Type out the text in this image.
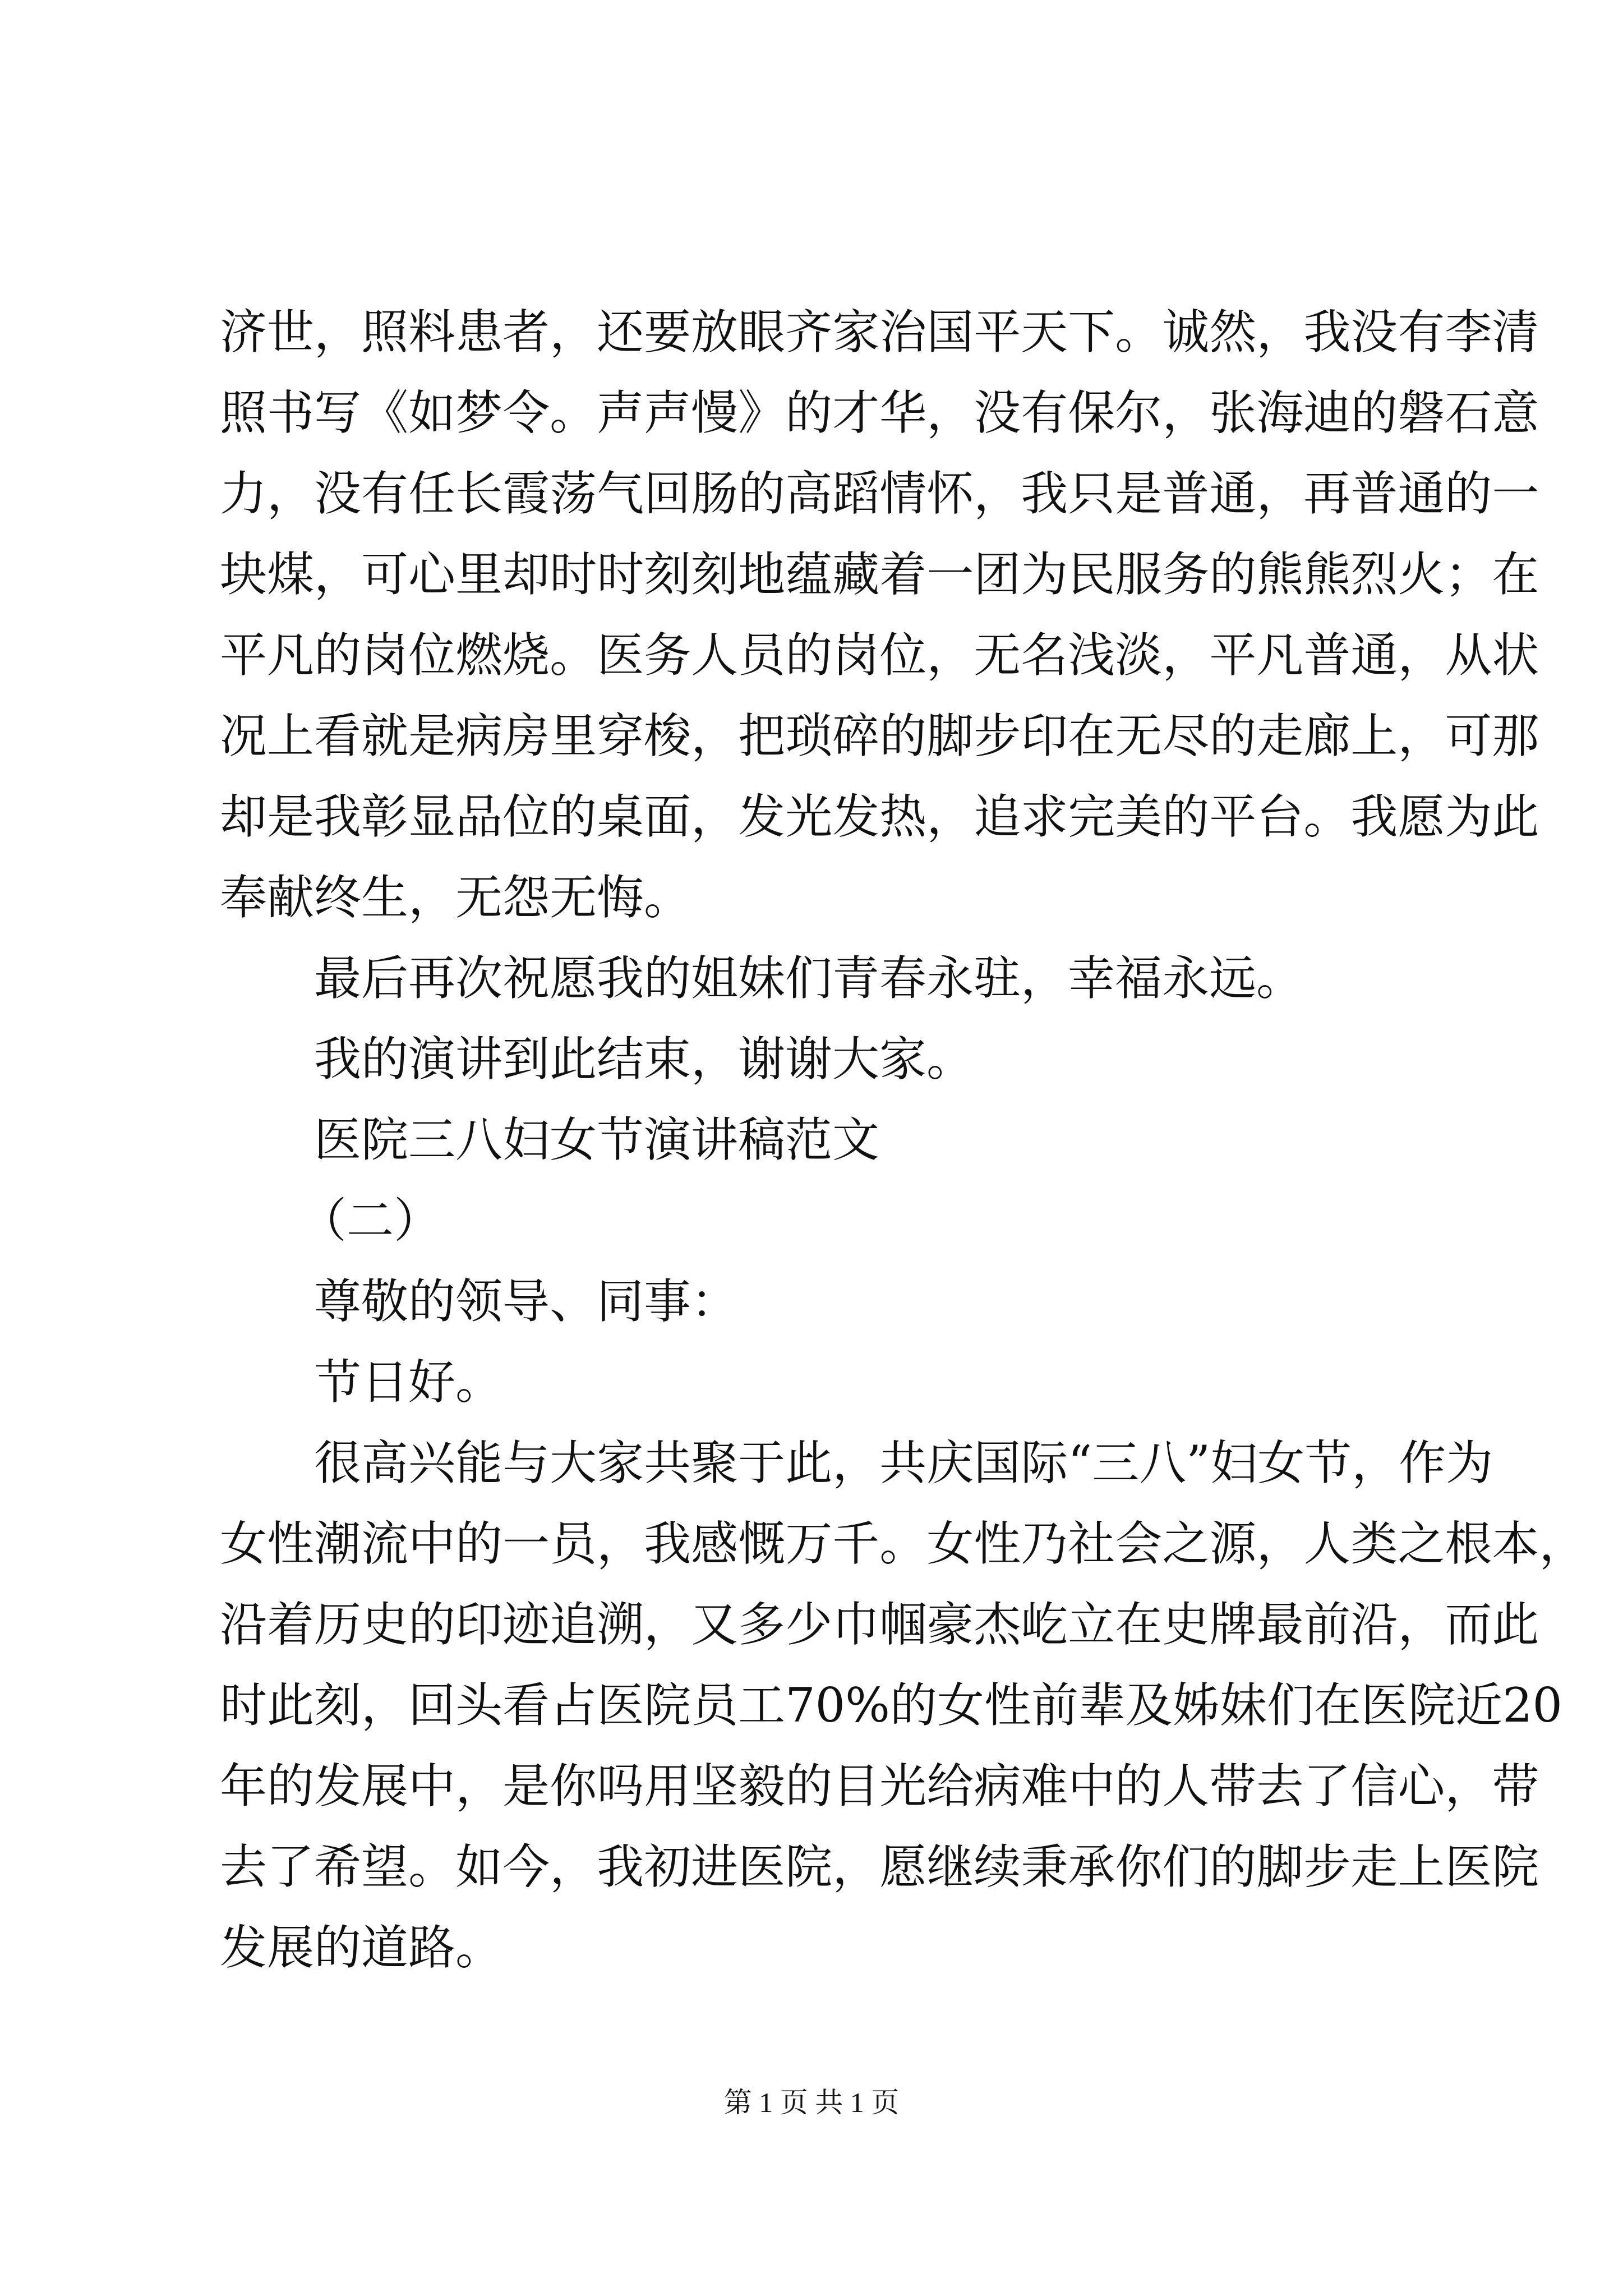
济 世 ， 照 料 患 者 ， 还 要 放 眼 齐 家 治 国 平 天 下 。 诚 然 ， 我 没 有 李 清
照 书 写 《 如 梦 令 。 声 声 慢 》 的 才 华 ， 没 有 保 尔 ， 张 海 迪 的 磐 石 意
力 ， 没 有 任 长 霞 荡 气 回 肠 的 高 蹈 情 怀 ， 我 只 是 普 通 ， 再 普 通 的 一
块 煤 ， 可 心 里 却 时 时 刻 刻 地 蕴 藏 着 一 团 为 民 服 务 的 熊 熊 烈 火 ； 在
平 凡 的 岗 位 燃 烧 。 医 务 人 员 的 岗 位 ， 无 名 浅 淡 ， 平 凡 普 通 ， 从 状
况 上 看 就 是 病 房 里 穿 梭 ， 把 琐 碎 的 脚 步 印 在 无 尽 的 走 廊 上 ， 可 那
却 是 我 彰 显 品 位 的 桌 面 ， 发 光 发 热 ， 追 求 完 美 的 平 台 。 我 愿 为 此
奉献终生，无怨无悔。
最后再次祝愿我的姐妹们青春永驻，幸福永远。
我的演讲到此结束，谢谢大家。
医院三八妇女节演讲稿范文
（二）
尊敬的领导、同事：
节日好。
很 高 兴 能 与 大 家 共 聚 于 此 ， 共 庆 国 际 “ 三 八 ” 妇 女 节 ， 作 为
女 性 潮 流 中 的 一 员 ， 我 感 慨 万 千 。 女 性 乃 社 会 之 源 ， 人 类 之 根 本 ，
沿 着 历 史 的 印 迹 追 溯 ， 又 多 少 巾 帼 豪 杰 屹 立 在 史 牌 最 前 沿 ， 而 此
时 此 刻 ， 回 头 看 占 医 院 员 工 70% 的 女 性 前 辈 及 姊 妹 们 在 医 院 近 20
年 的 发 展 中 ， 是 你 吗 用 坚 毅 的 目 光 给 病 难 中 的 人 带 去 了 信 心 ， 带
去 了 希 望 。 如 今 ， 我 初 进 医 院 ， 愿 继 续 秉 承 你 们 的 脚 步 走 上 医 院
发展的道路。
第 1 页 共 1 页
